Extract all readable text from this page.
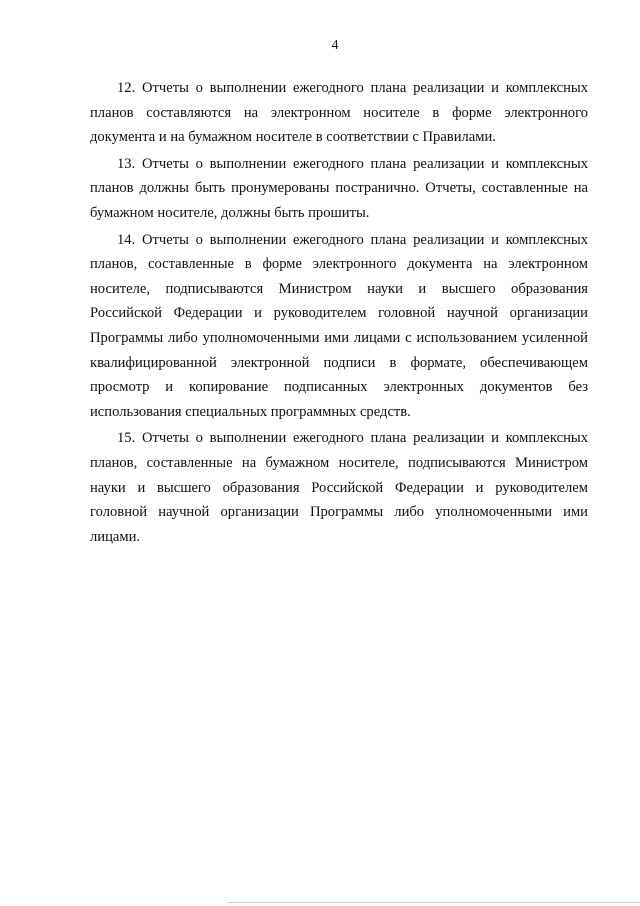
4

12. Отчеты о выполнении ежегодного плана реализации и комплексных планов составляются на электронном носителе в форме электронного документа и на бумажном носителе в соответствии с Правилами.

13. Отчеты о выполнении ежегодного плана реализации и комплексных планов должны быть пронумерованы постранично. Отчеты, составленные на бумажном носителе, должны быть прошиты.

14. Отчеты о выполнении ежегодного плана реализации и комплексных планов, составленные в форме электронного документа на электронном носителе, подписываются Министром науки и высшего образования Российской Федерации и руководителем головной научной организации Программы либо уполномоченными ими лицами с использованием усиленной квалифицированной электронной подписи в формате, обеспечивающем просмотр и копирование подписанных электронных документов без использования специальных программных средств.

15. Отчеты о выполнении ежегодного плана реализации и комплексных планов, составленные на бумажном носителе, подписываются Министром науки и высшего образования Российской Федерации и руководителем головной научной организации Программы либо уполномоченными ими лицами.
